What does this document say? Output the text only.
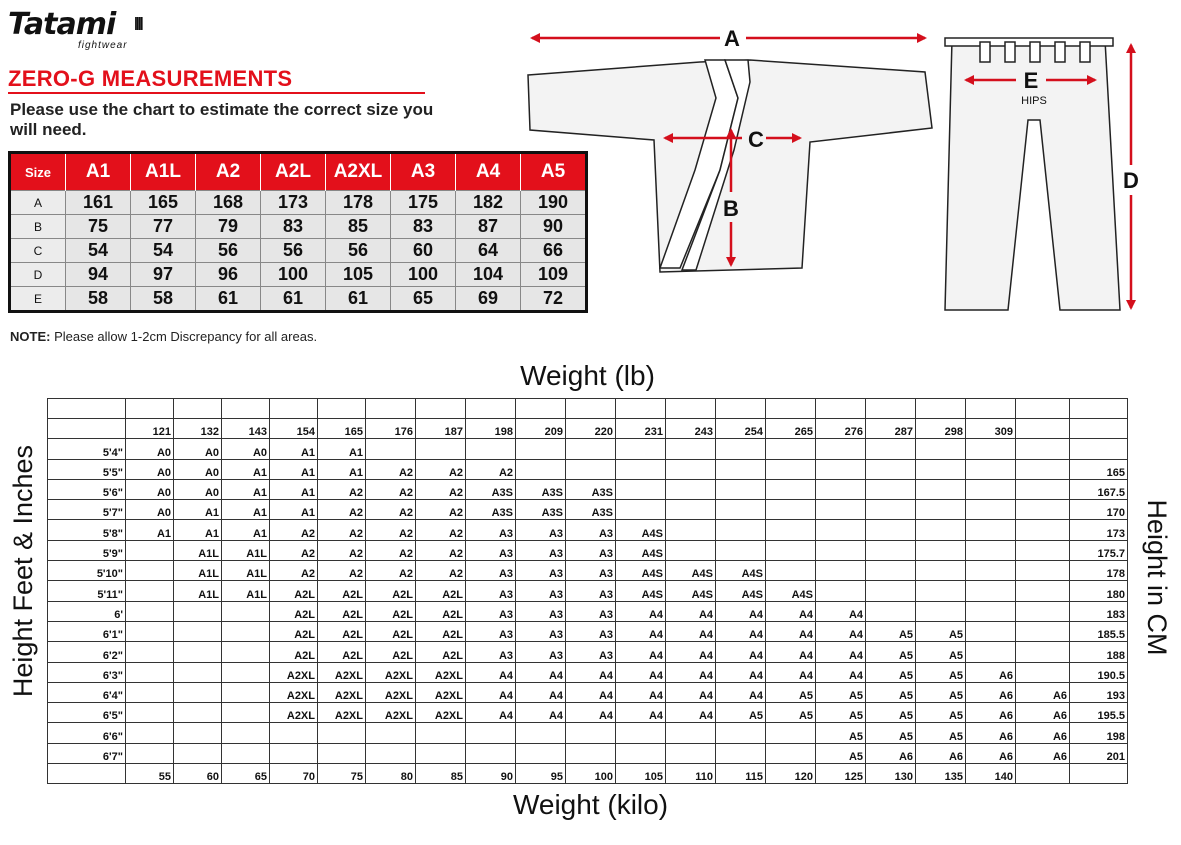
Tatami	||||
fightwear
ZERO-G MEASUREMENTS
Please use the chart to estimate the correct size you will need.
Size	A1	A1L	A2	A2L	A2XL	A3	A4	A5
A	161	165	168	173	178	175	182	190
B	75	77	79	83	85	83	87	90
C	54	54	56	56	56	60	64	66
D	94	97	96	100	105	100	104	109
E	58	58	61	61	61	65	69	72
NOTE: Please allow 1-2cm Discrepancy for all areas.
A
B
C
D
E
HIPS
Weight (lb)
Height Feet & Inches	Height in CM

	121	132	143	154	165	176	187	198	209	220	231	243	254	265	276	287	298	309		
5'4"	A0	A0	A0	A1	A1															
5'5"	A0	A0	A1	A1	A1	A2	A2	A2												165
5'6"	A0	A0	A1	A1	A2	A2	A2	A3S	A3S	A3S										167.5
5'7"	A0	A1	A1	A1	A2	A2	A2	A3S	A3S	A3S										170
5'8"	A1	A1	A1	A2	A2	A2	A2	A3	A3	A3	A4S									173
5'9"		A1L	A1L	A2	A2	A2	A2	A3	A3	A3	A4S									175.7
5'10"		A1L	A1L	A2	A2	A2	A2	A3	A3	A3	A4S	A4S	A4S							178
5'11"		A1L	A1L	A2L	A2L	A2L	A2L	A3	A3	A3	A4S	A4S	A4S	A4S						180
6'				A2L	A2L	A2L	A2L	A3	A3	A3	A4	A4	A4	A4	A4					183
6'1"				A2L	A2L	A2L	A2L	A3	A3	A3	A4	A4	A4	A4	A4	A5	A5			185.5
6'2"				A2L	A2L	A2L	A2L	A3	A3	A3	A4	A4	A4	A4	A4	A5	A5			188
6'3"				A2XL	A2XL	A2XL	A2XL	A4	A4	A4	A4	A4	A4	A4	A4	A5	A5	A6		190.5
6'4"				A2XL	A2XL	A2XL	A2XL	A4	A4	A4	A4	A4	A4	A5	A5	A5	A5	A6	A6	193
6'5"				A2XL	A2XL	A2XL	A2XL	A4	A4	A4	A4	A4	A5	A5	A5	A5	A5	A6	A6	195.5
6'6"															A5	A5	A5	A6	A6	198
6'7"															A5	A6	A6	A6	A6	201
	55	60	65	70	75	80	85	90	95	100	105	110	115	120	125	130	135	140		
Weight (kilo)
